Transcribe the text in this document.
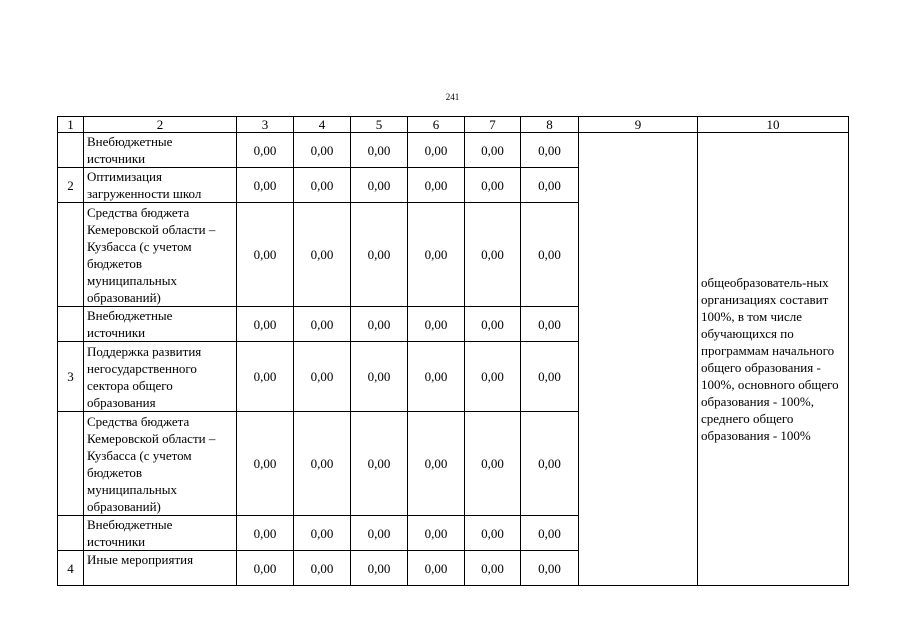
241
1	2	3	4	5	6	7	8	9	10
	Внебюджетные источники	0,00	0,00	0,00	0,00	0,00	0,00		общеобразователь-ных организациях составит 100%, в том числе обучающихся по программам начального общего образования - 100%, основного общего образования - 100%, среднего общего образования - 100%
2	Оптимизация загруженности школ	0,00	0,00	0,00	0,00	0,00	0,00		
	Средства бюджета Кемеровской области – Кузбасса (с учетом бюджетов муниципальных образований)	0,00	0,00	0,00	0,00	0,00	0,00		
	Внебюджетные источники	0,00	0,00	0,00	0,00	0,00	0,00		
3	Поддержка развития негосударственного сектора общего образования	0,00	0,00	0,00	0,00	0,00	0,00		
	Средства бюджета Кемеровской области – Кузбасса (с учетом бюджетов муниципальных образований)	0,00	0,00	0,00	0,00	0,00	0,00		
	Внебюджетные источники	0,00	0,00	0,00	0,00	0,00	0,00		
4	Иные мероприятия	0,00	0,00	0,00	0,00	0,00	0,00		
